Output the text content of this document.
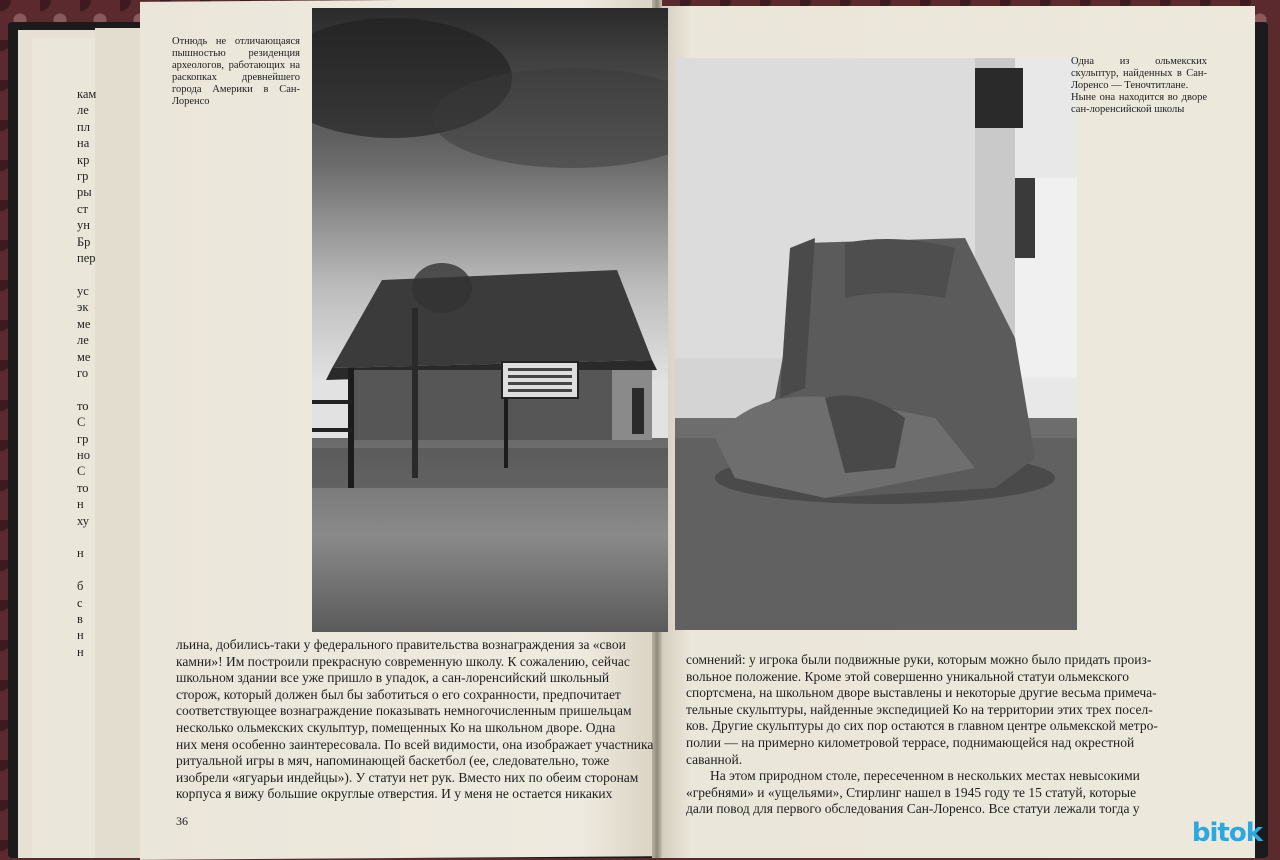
кам
ле
пл
на
кр
гр
ры
ст
ун
Бр
пер

ус
эк
ме
ле
ме
го

то
С
гр
но
С
то
н
ху

н

б
с
в
н
н

Отнюдь не отличающаяся пышностью резиденция археологов, работающих на раскопках древнейшего города Америки в Сан-Лоренсо

льина, добились-таки у федерального правительства вознаграждения за «свои

камни»! Им построили прекрасную современную школу. К сожалению, сейчас

школьном здании все уже пришло в упадок, а сан-лоренсийский школьный

сторож, который должен был бы заботиться о его сохранности, предпочитает

соответствующее вознаграждение показывать немногочисленным пришельцам

несколько ольмекских скульптур, помещенных Ко на школьном дворе. Одна

них меня особенно заинтересовала. По всей видимости, она изображает участника

ритуальной игры в мяч, напоминающей баскетбол (ее, следовательно, тоже

изобрели «ягуарьи индейцы»). У статуи нет рук. Вместо них по обеим сторонам

корпуса я вижу большие округлые отверстия. И у меня не остается никаких

36

Одна из ольмекских скульптур, найденных в Сан-Лоренсо — Теночтитлане.

Ныне она находится во дворе сан-лоренсийской школы

сомнений: у игрока были подвижные руки, которым можно было придать произ-

вольное положение. Кроме этой совершенно уникальной статуи ольмекского

спортсмена, на школьном дворе выставлены и некоторые другие весьма примеча-

тельные скульптуры, найденные экспедицией Ко на территории этих трех посел-

ков. Другие скульптуры до сих пор остаются в главном центре ольмекской метро-

полии — на примерно километровой террасе, поднимающейся над окрестной

саванной.

На этом природном столе, пересеченном в нескольких местах невысокими

«гребнями» и «ущельями», Стирлинг нашел в 1945 году те 15 статуй, которые

дали повод для первого обследования Сан-Лоренсо. Все статуи лежали тогда у

bitok
